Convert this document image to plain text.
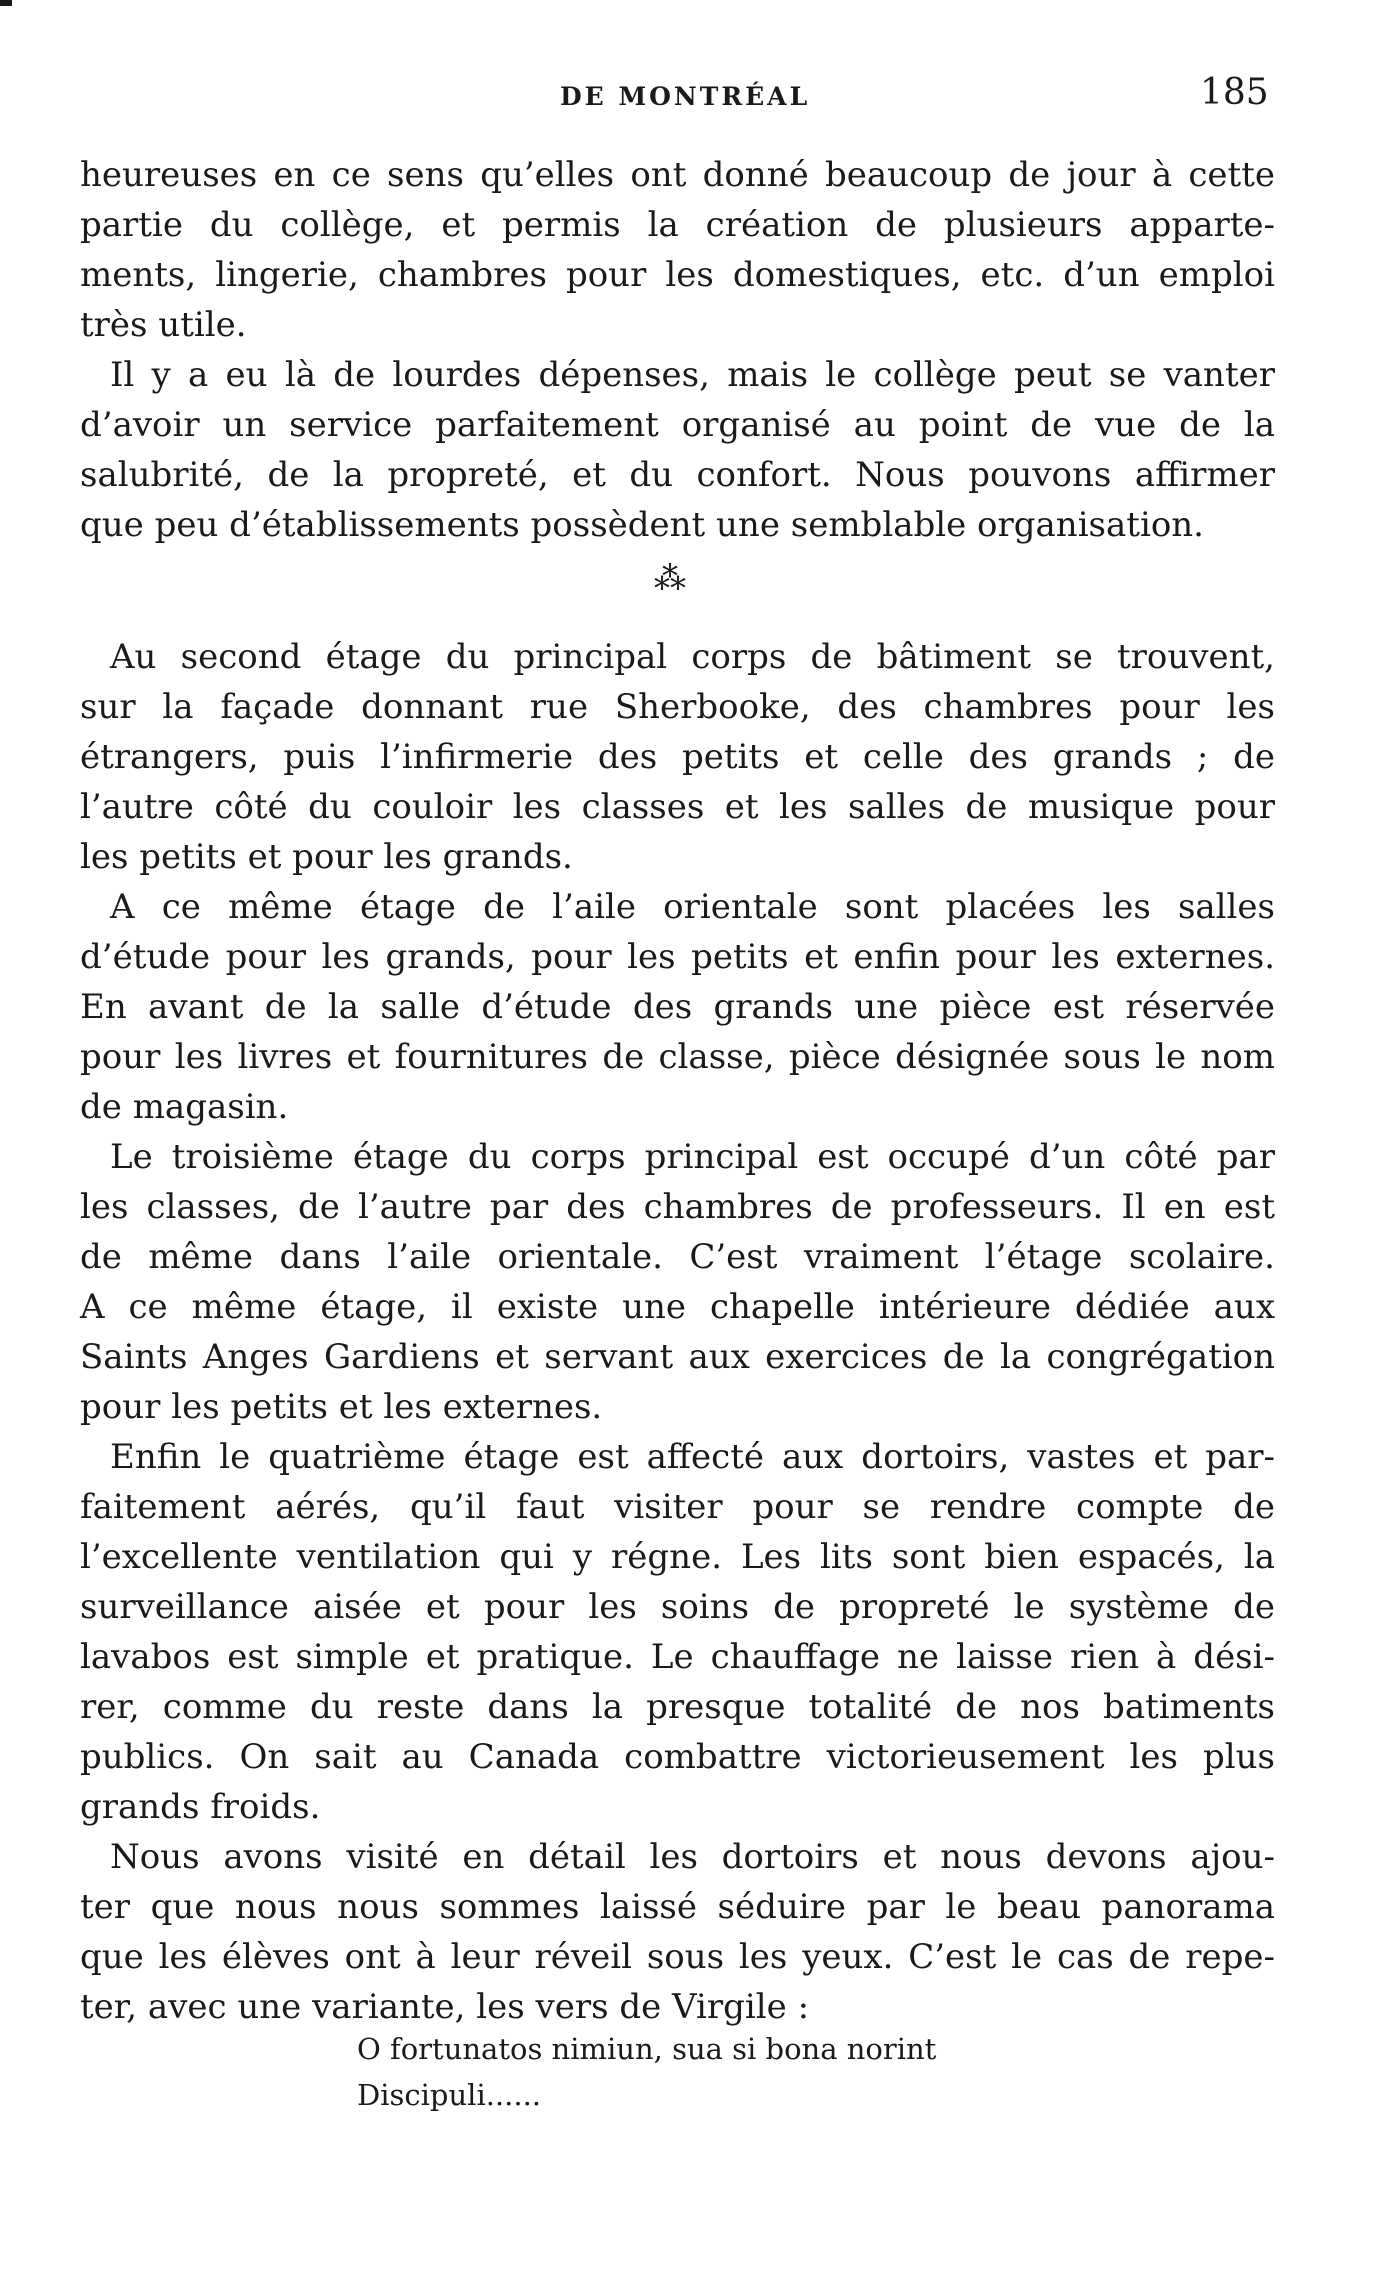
DE MONTRÉAL	185
heureuses en ce sens qu’elles ont donné beaucoup de jour à cette
partie du collège, et permis la création de plusieurs apparte-
ments, lingerie, chambres pour les domestiques, etc. d’un emploi
très utile.
Il y a eu là de lourdes dépenses, mais le collège peut se vanter
d’avoir un service parfaitement organisé au point de vue de la
salubrité, de la propreté, et du confort. Nous pouvons affirmer
que peu d’établissements possèdent une semblable organisation.
⁂
Au second étage du principal corps de bâtiment se trouvent,
sur la façade donnant rue Sherbooke, des chambres pour les
étrangers, puis l’infirmerie des petits et celle des grands ; de
l’autre côté du couloir les classes et les salles de musique pour
les petits et pour les grands.
A ce même étage de l’aile orientale sont placées les salles
d’étude pour les grands, pour les petits et enfin pour les externes.
En avant de la salle d’étude des grands une pièce est réservée
pour les livres et fournitures de classe, pièce désignée sous le nom
de magasin.
Le troisième étage du corps principal est occupé d’un côté par
les classes, de l’autre par des chambres de professeurs. Il en est
de même dans l’aile orientale. C’est vraiment l’étage scolaire.
A ce même étage, il existe une chapelle intérieure dédiée aux
Saints Anges Gardiens et servant aux exercices de la congrégation
pour les petits et les externes.
Enfin le quatrième étage est affecté aux dortoirs, vastes et par-
faitement aérés, qu’il faut visiter pour se rendre compte de
l’excellente ventilation qui y régne. Les lits sont bien espacés, la
surveillance aisée et pour les soins de propreté le système de
lavabos est simple et pratique. Le chauffage ne laisse rien à dési-
rer, comme du reste dans la presque totalité de nos batiments
publics. On sait au Canada combattre victorieusement les plus
grands froids.
Nous avons visité en détail les dortoirs et nous devons ajou-
ter que nous nous sommes laissé séduire par le beau panorama
que les élèves ont à leur réveil sous les yeux. C’est le cas de repe-
ter, avec une variante, les vers de Virgile :
O fortunatos nimiun, sua si bona norint
Discipuli......
